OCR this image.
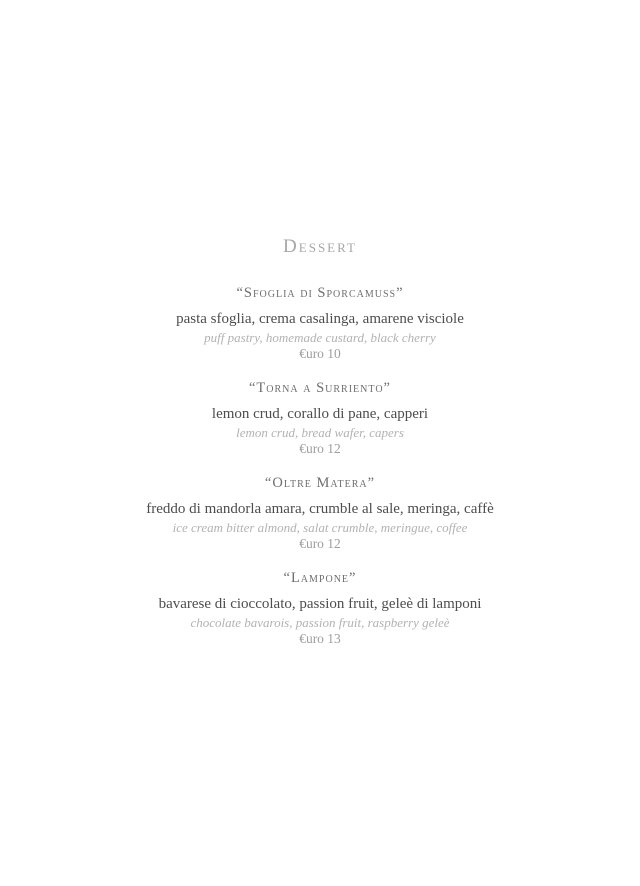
Dessert
“Sfoglia di Sporcamuss”
pasta sfoglia, crema casalinga, amarene visciole
puff pastry, homemade custard, black cherry
€uro 10
“Torna a Surriento”
lemon crud, corallo di pane, capperi
lemon crud, bread wafer, capers
€uro 12
“Oltre Matera”
freddo di mandorla amara, crumble al sale, meringa, caffè
ice cream bitter almond, salat crumble, meringue, coffee
€uro 12
“Lampone”
bavarese di cioccolato, passion fruit, geleè di lamponi
chocolate bavarois, passion fruit, raspberry geleè
€uro 13
